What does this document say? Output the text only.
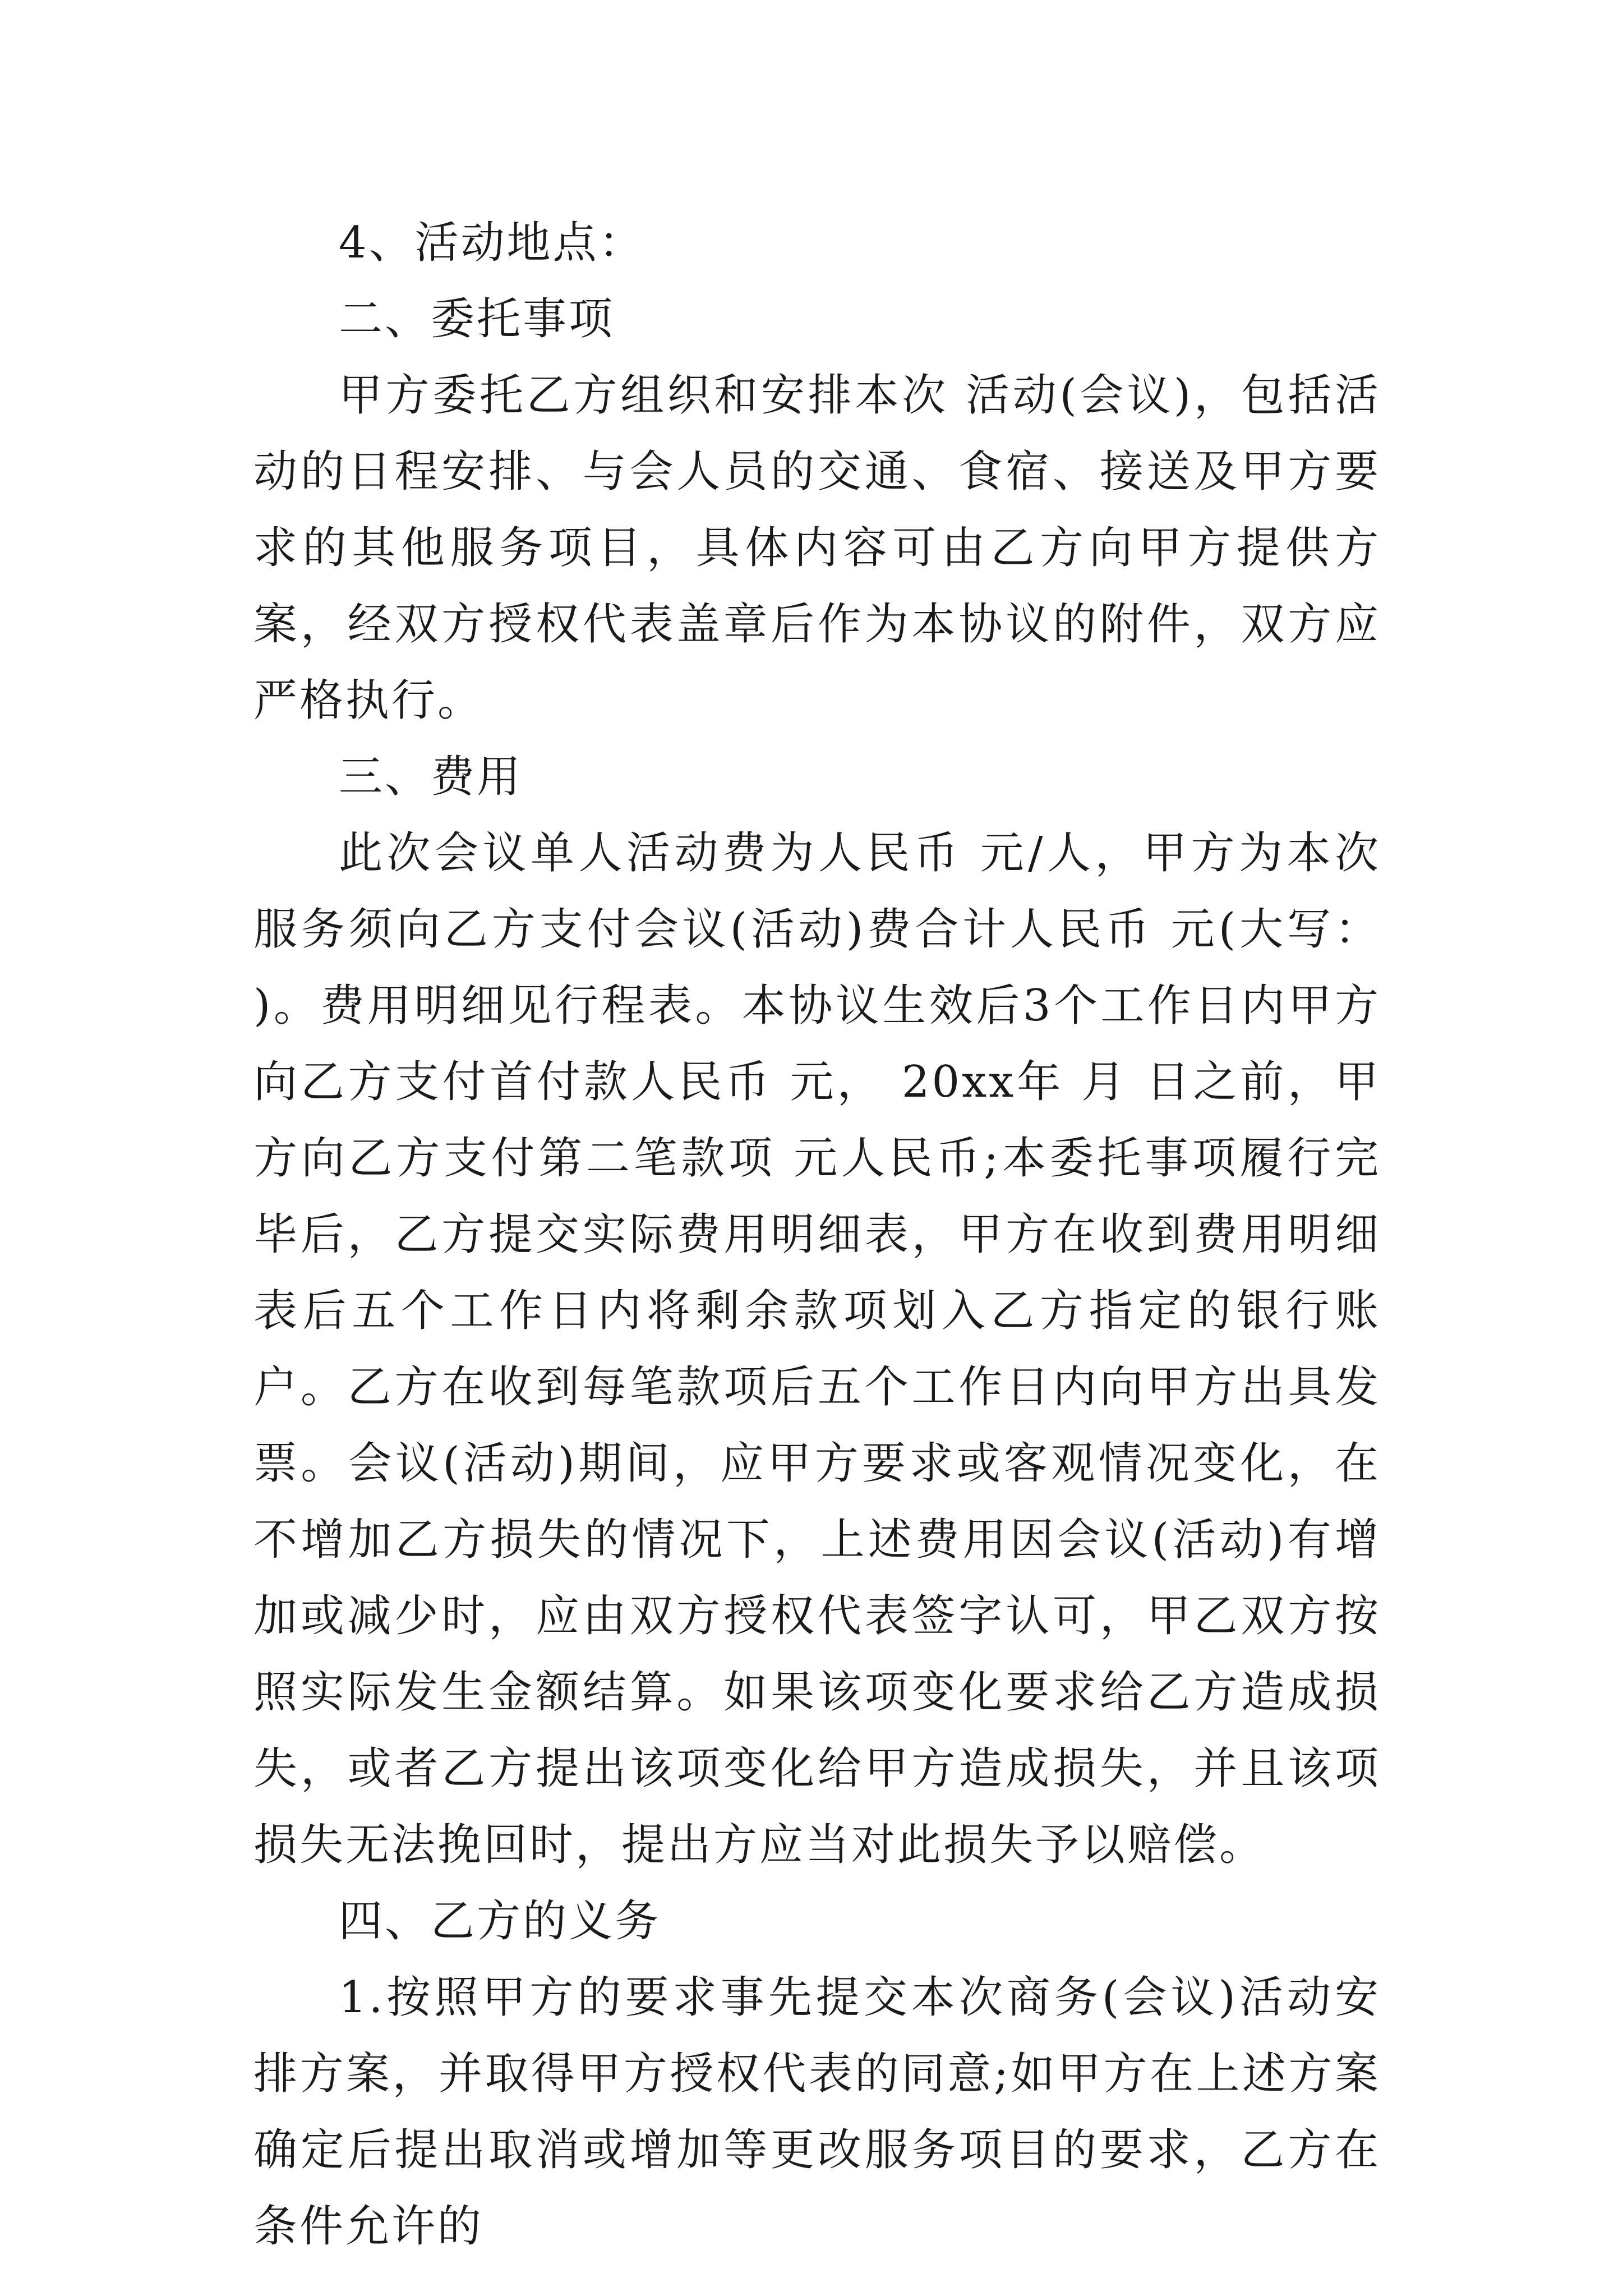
4、活动地点：

二、委托事项

甲方委托乙方组织和安排本次 活动(会议)，包括活动的日程安排、与会人员的交通、食宿、接送及甲方要求的其他服务项目，具体内容可由乙方向甲方提供方案，经双方授权代表盖章后作为本协议的附件，双方应严格执行。

三、费用

此次会议单人活动费为人民币 元/人，甲方为本次服务须向乙方支付会议(活动)费合计人民币 元(大写： )。费用明细见行程表。本协议生效后3个工作日内甲方向乙方支付首付款人民币 元， 20xx年 月 日之前，甲方向乙方支付第二笔款项 元人民币;本委托事项履行完毕后，乙方提交实际费用明细表，甲方在收到费用明细表后五个工作日内将剩余款项划入乙方指定的银行账户。乙方在收到每笔款项后五个工作日内向甲方出具发票。会议(活动)期间，应甲方要求或客观情况变化，在不增加乙方损失的情况下，上述费用因会议(活动)有增加或减少时，应由双方授权代表签字认可，甲乙双方按照实际发生金额结算。如果该项变化要求给乙方造成损失，或者乙方提出该项变化给甲方造成损失，并且该项损失无法挽回时，提出方应当对此损失予以赔偿。

四、乙方的义务

1.按照甲方的要求事先提交本次商务(会议)活动安排方案，并取得甲方授权代表的同意;如甲方在上述方案确定后提出取消或增加等更改服务项目的要求，乙方在条件允许的
